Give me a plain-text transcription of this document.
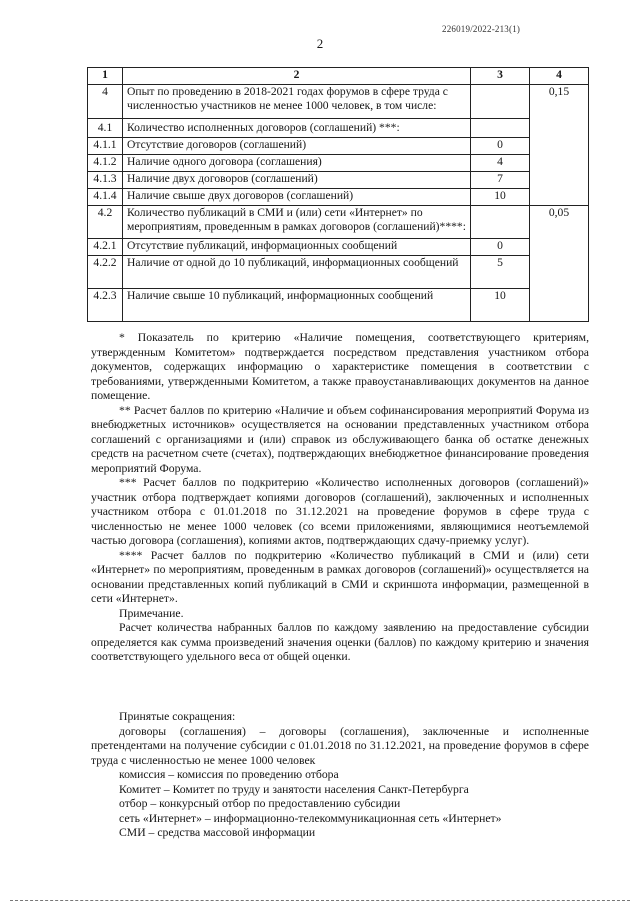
226019/2022-213(1)
2
1	2	3	4
4	Опыт по проведению в 2018-2021 годах форумов в сфере труда с численностью участников не менее 1000 человек, в том числе:		0,15
4.1	Количество исполненных договоров (соглашений) ***:		
4.1.1	Отсутствие договоров (соглашений)	0	
4.1.2	Наличие одного договора (соглашения)	4	
4.1.3	Наличие двух договоров (соглашений)	7	
4.1.4	Наличие свыше двух договоров (соглашений)	10	
4.2	Количество публикаций в СМИ и (или) сети «Интернет» по мероприятиям, проведенным в рамках договоров (соглашений)****:		0,05
4.2.1	Отсутствие публикаций, информационных сообщений	0	
4.2.2	Наличие от одной до 10 публикаций, информационных сообщений	5	
4.2.3	Наличие свыше 10 публикаций, информационных сообщений	10	

* Показатель по критерию «Наличие помещения, соответствующего критериям, утвержденным Комитетом» подтверждается посредством представления участником отбора документов, содержащих информацию о характеристике помещения в соответствии с требованиями, утвержденными Комитетом, а также правоустанавливающих документов на данное помещение.

** Расчет баллов по критерию «Наличие и объем софинансирования мероприятий Форума из внебюджетных источников» осуществляется на основании представленных участником отбора соглашений с организациями и (или) справок из обслуживающего банка об остатке денежных средств на расчетном счете (счетах), подтверждающих внебюджетное финансирование проведения мероприятий Форума.

*** Расчет баллов по подкритерию «Количество исполненных договоров (соглашений)» участник отбора подтверждает копиями договоров (соглашений), заключенных и исполненных участником отбора с 01.01.2018 по 31.12.2021 на проведение форумов в сфере труда с численностью не менее 1000 человек (со всеми приложениями, являющимися неотъемлемой частью договора (соглашения), копиями актов, подтверждающих сдачу-приемку услуг).

**** Расчет баллов по подкритерию «Количество публикаций в СМИ и (или) сети «Интернет» по мероприятиям, проведенным в рамках договоров (соглашений)» осуществляется на основании представленных копий публикаций в СМИ и скриншота информации, размещенной в сети «Интернет».

Примечание.

Расчет количества набранных баллов по каждому заявлению на предоставление субсидии определяется как сумма произведений значения оценки (баллов) по каждому критерию и значения соответствующего удельного веса от общей оценки.

Принятые сокращения:

договоры (соглашения) – договоры (соглашения), заключенные и исполненные претендентами на получение субсидии с 01.01.2018 по 31.12.2021, на проведение форумов в сфере труда с численностью не менее 1000 человек

комиссия – комиссия по проведению отбора

Комитет – Комитет по труду и занятости населения Санкт-Петербурга

отбор – конкурсный отбор по предоставлению субсидии

сеть «Интернет» – информационно-телекоммуникационная сеть «Интернет»

СМИ – средства массовой информации
